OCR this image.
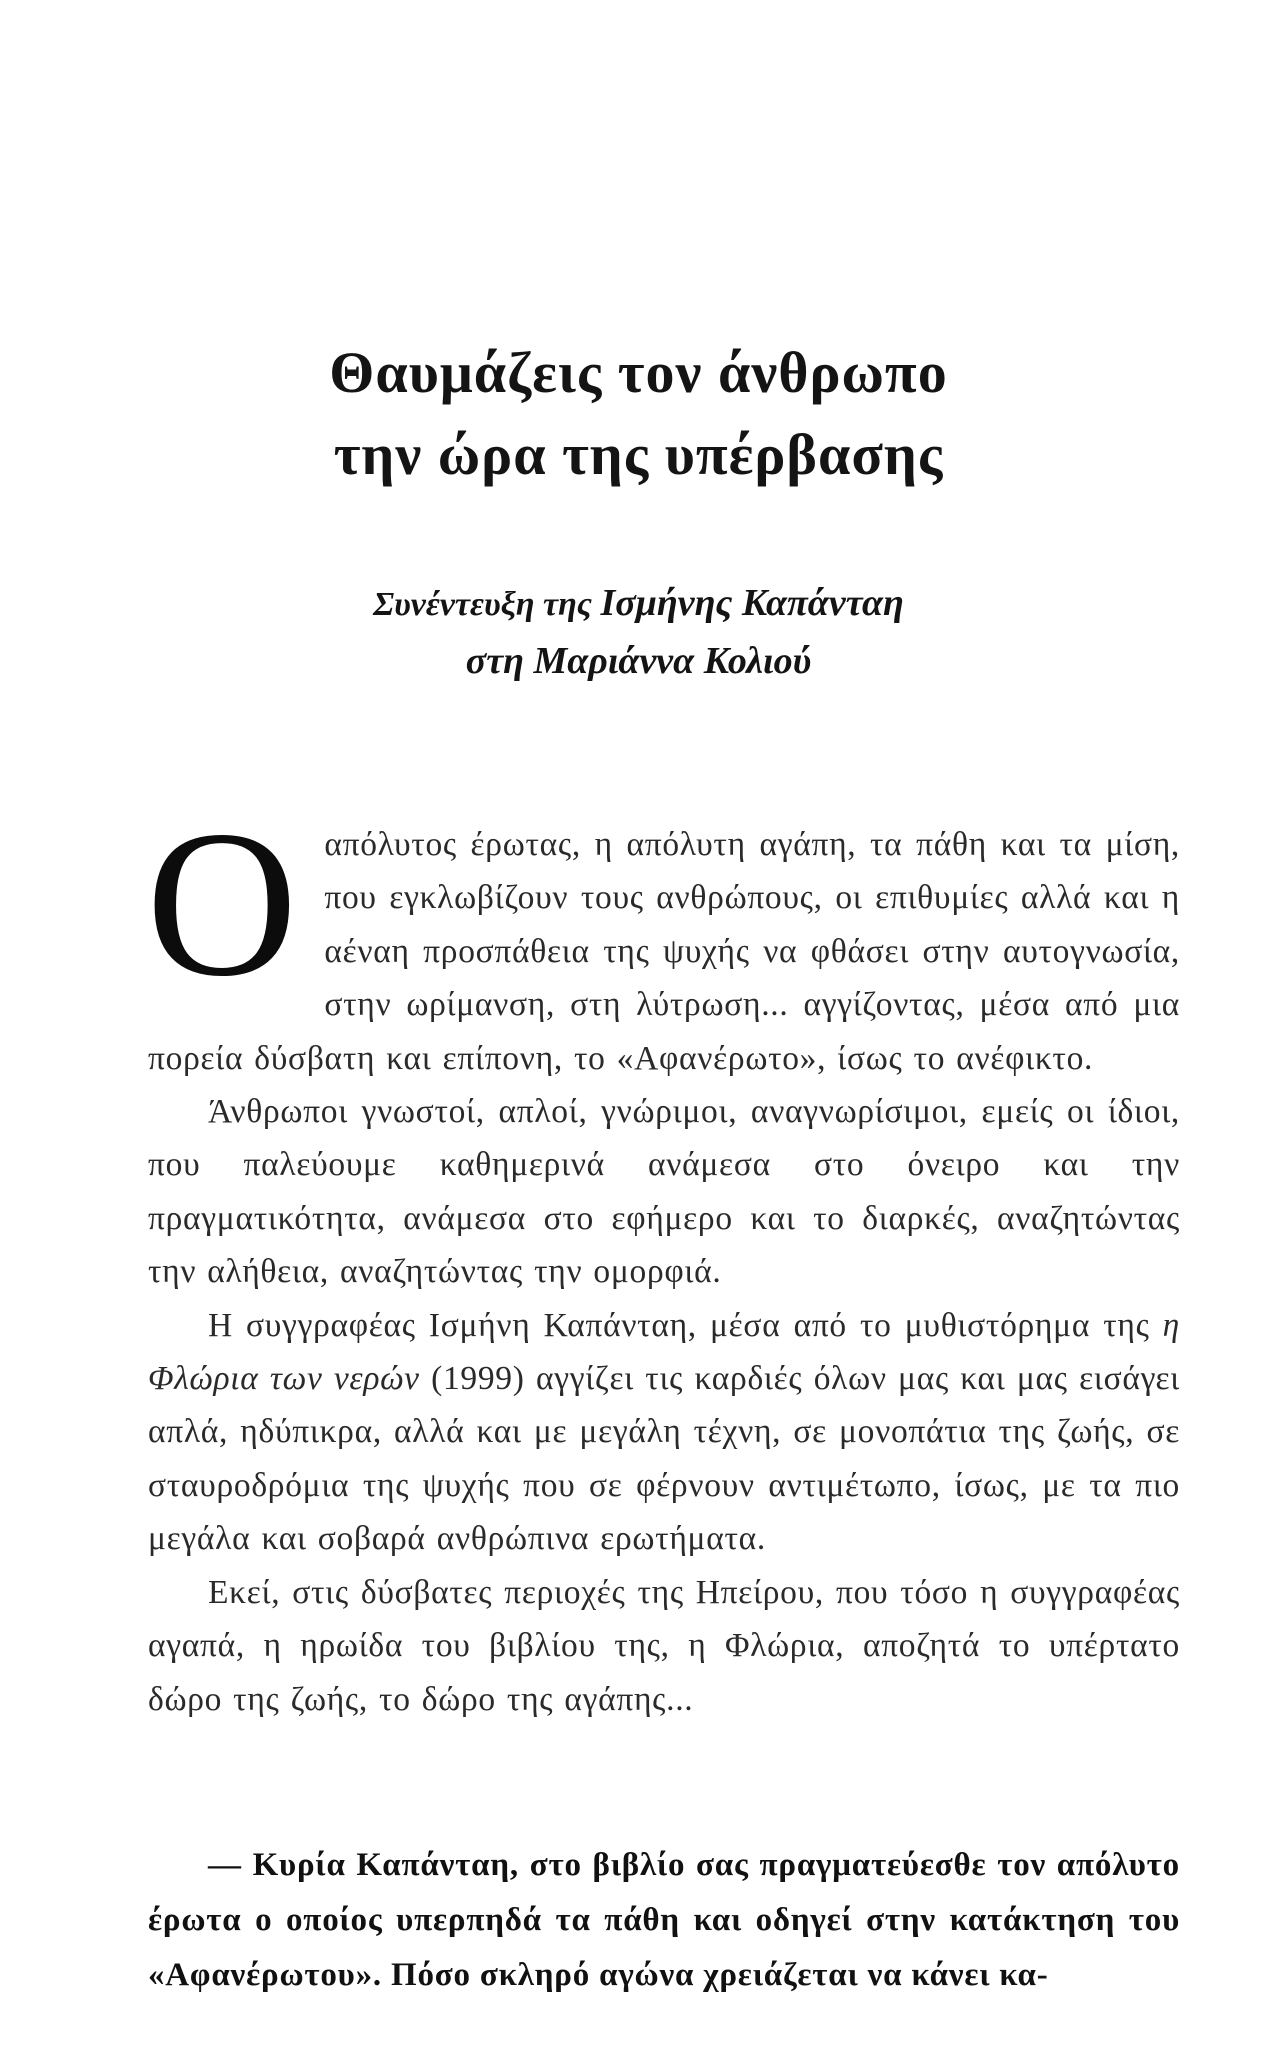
Θαυμάζεις τον άνθρωπο
την ώρα της υπέρβασης
Συνέντευξη της Ισμήνης Καπάνταη
στη Μαριάννα Κολιού

Οαπόλυτος έρωτας, η απόλυτη αγάπη, τα πάθη και τα μίση, που εγκλωβίζουν τους ανθρώπους, οι επιθυμίες αλλά και η αέναη προσπάθεια της ψυχής να φθάσει στην αυτογνωσία, στην ωρίμανση, στη λύτρωση... αγγίζοντας, μέσα από μια πορεία δύσβατη και επίπονη, το «Αφανέρωτο», ίσως το ανέφικτο.

Άνθρωποι γνωστοί, απλοί, γνώριμοι, αναγνωρίσιμοι, εμείς οι ίδιοι, που παλεύουμε καθημερινά ανάμεσα στο όνειρο και την πραγματικότητα, ανάμεσα στο εφήμερο και το διαρκές, αναζητώντας την αλήθεια, αναζητώντας την ομορφιά.

Η συγγραφέας Ισμήνη Καπάνταη, μέσα από το μυθιστόρημα της η Φλώρια των νερών (1999) αγγίζει τις καρδιές όλων μας και μας εισάγει απλά, ηδύπικρα, αλλά και με μεγάλη τέχνη, σε μονοπάτια της ζωής, σε σταυροδρόμια της ψυχής που σε φέρνουν αντιμέτωπο, ίσως, με τα πιο μεγάλα και σοβαρά ανθρώπινα ερωτήματα.

Εκεί, στις δύσβατες περιοχές της Ηπείρου, που τόσο η συγγραφέας αγαπά, η ηρωίδα του βιβλίου της, η Φλώρια, αποζητά το υπέρτατο δώρο της ζωής, το δώρο της αγάπης...

— Κυρία Καπάνταη, στο βιβλίο σας πραγματεύεσθε τον απόλυτο έρωτα ο οποίος υπερπηδά τα πάθη και οδηγεί στην κατάκτηση του «Αφανέρωτου». Πόσο σκληρό αγώνα χρειάζεται να κάνει κα-
